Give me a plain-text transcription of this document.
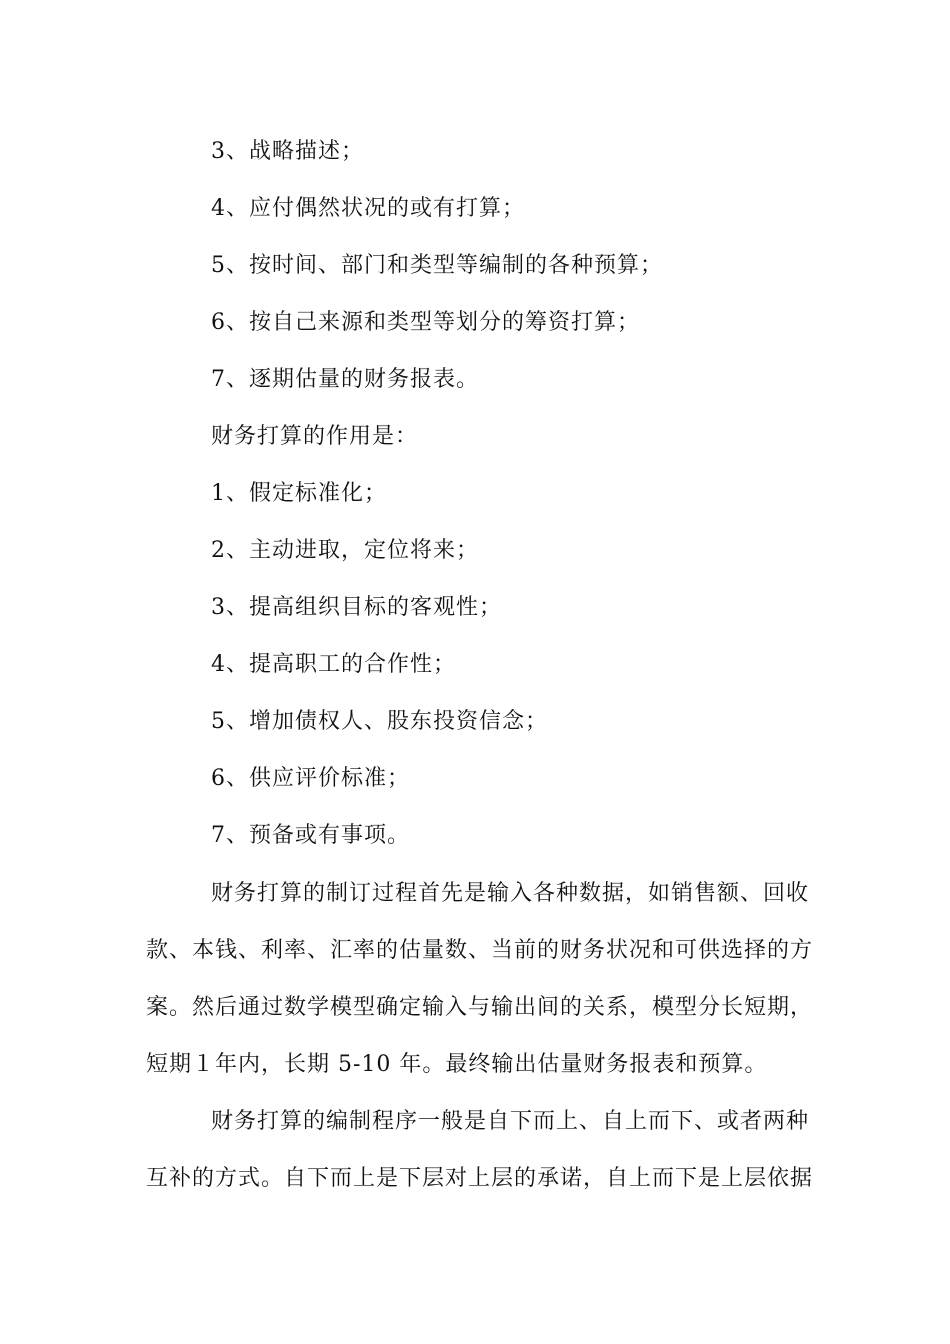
3、战略描述；
4、应付偶然状况的或有打算；
5、按时间、部门和类型等编制的各种预算；
6、按自己来源和类型等划分的筹资打算；
7、逐期估量的财务报表。
财务打算的作用是：
1、假定标准化；
2、主动进取，定位将来；
3、提高组织目标的客观性；
4、提高职工的合作性；
5、增加债权人、股东投资信念；
6、供应评价标准；
7、预备或有事项。
财务打算的制订过程首先是输入各种数据，如销售额、回收
款、本钱、利率、汇率的估量数、当前的财务状况和可供选择的方
案。然后通过数学模型确定输入与输出间的关系，模型分长短期，
短期１年内，长期 5-10 年。最终输出估量财务报表和预算。
财务打算的编制程序一般是自下而上、自上而下、或者两种
互补的方式。自下而上是下层对上层的承诺，自上而下是上层依据
